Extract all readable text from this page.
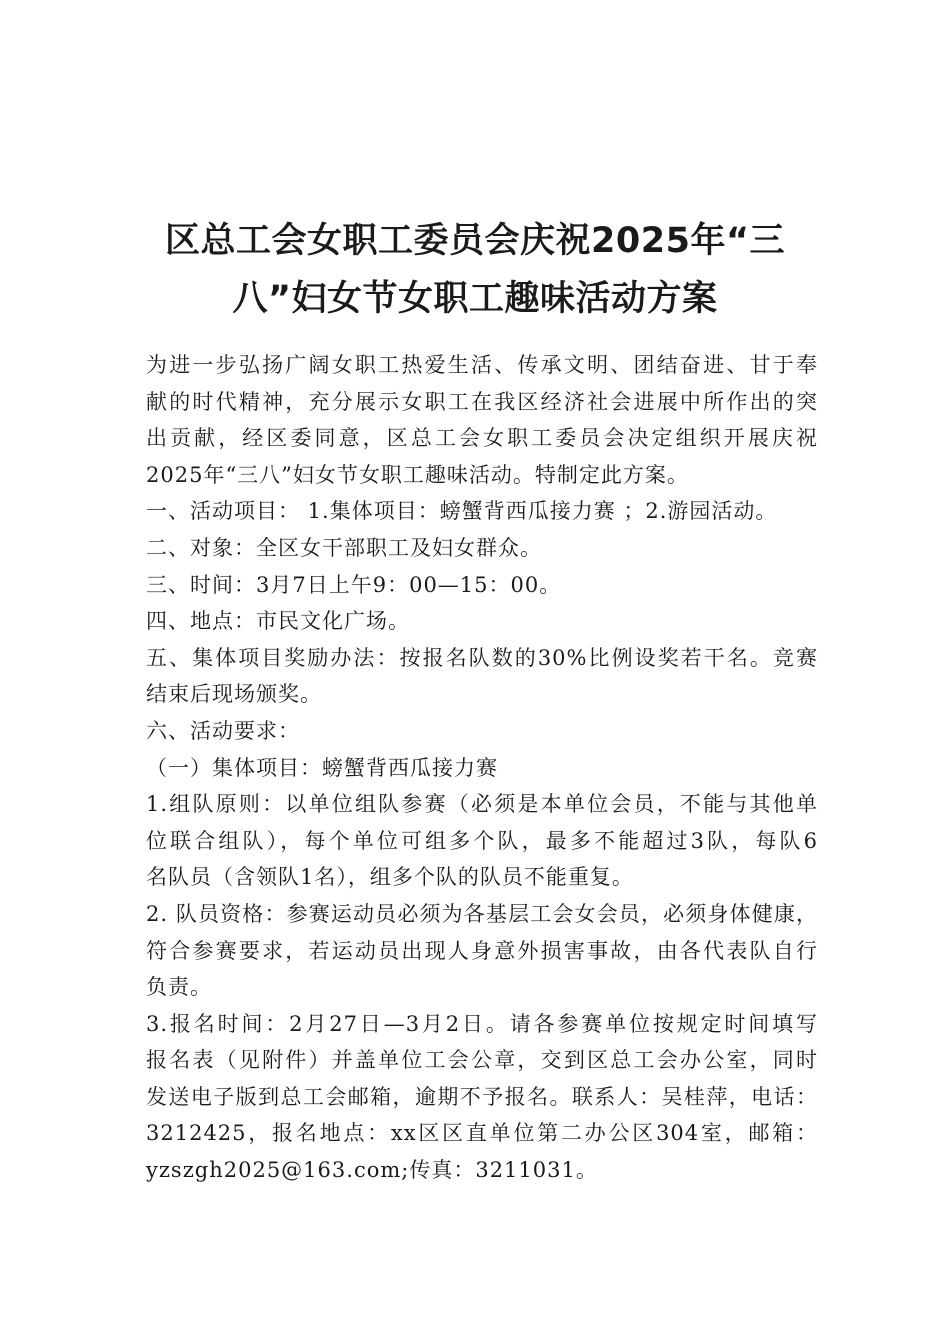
区总工会女职工委员会庆祝2025年“三
八”妇女节女职工趣味活动方案
为进一步弘扬广阔女职工热爱生活、传承文明、团结奋进、甘于奉
献的时代精神，充分展示女职工在我区经济社会进展中所作出的突
出贡献，经区委同意，区总工会女职工委员会决定组织开展庆祝
2025年“三八”妇女节女职工趣味活动。特制定此方案。
一、活动项目： 1.集体项目：螃蟹背西瓜接力赛 ；2.游园活动。
二、对象：全区女干部职工及妇女群众。
三、时间：3月7日上午9：00—15：00。
四、地点：市民文化广场。
五、集体项目奖励办法：按报名队数的30%比例设奖若干名。竞赛
结束后现场颁奖。
六、活动要求：
（一）集体项目：螃蟹背西瓜接力赛
1.组队原则：以单位组队参赛（必须是本单位会员，不能与其他单
位联合组队），每个单位可组多个队，最多不能超过3队，每队6
名队员（含领队1名），组多个队的队员不能重复。
2. 队员资格：参赛运动员必须为各基层工会女会员，必须身体健康，
符合参赛要求，若运动员出现人身意外损害事故，由各代表队自行
负责。
3.报名时间：2月27日—3月2日。请各参赛单位按规定时间填写
报名表（见附件）并盖单位工会公章，交到区总工会办公室，同时
发送电子版到总工会邮箱，逾期不予报名。联系人：吴桂萍，电话：
3212425，报名地点：xx区区直单位第二办公区304室，邮箱：
yzszgh2025@163.com;传真：3211031。
